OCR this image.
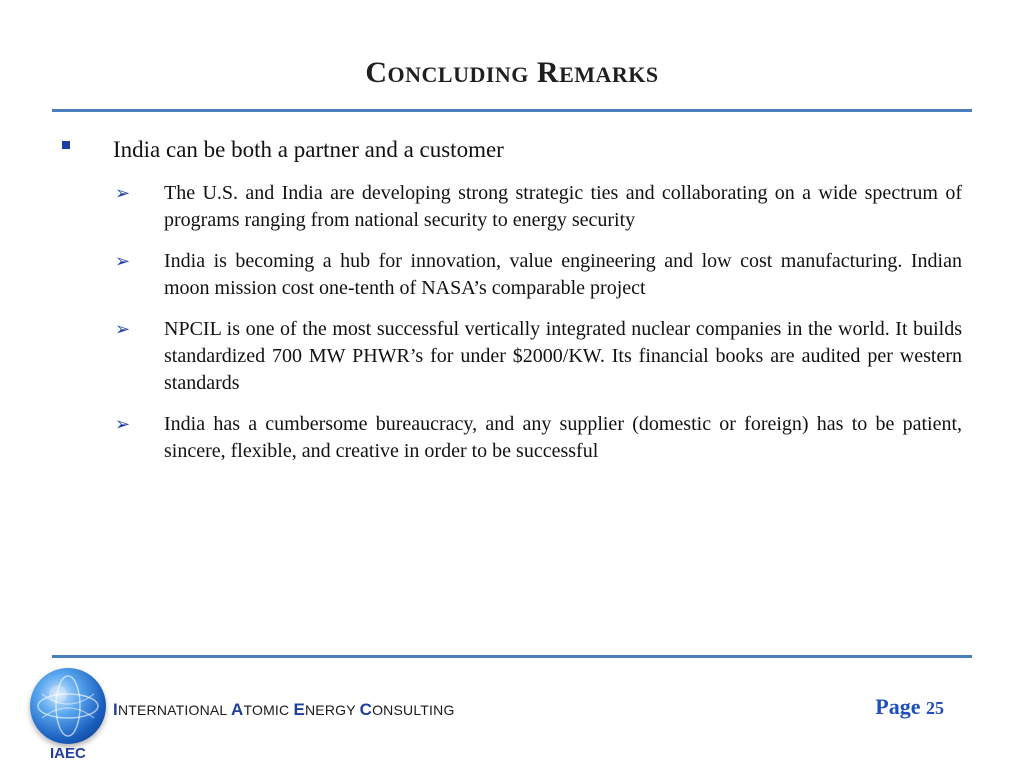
CONCLUDING REMARKS
India can be both a partner and a customer
➢ The U.S. and India are developing strong strategic ties and collaborating on a wide spectrum of programs ranging from national security to energy security
➢ India is becoming a hub for innovation, value engineering and low cost manufacturing. Indian moon mission cost one-tenth of NASA’s comparable project
➢ NPCIL is one of the most successful vertically integrated nuclear companies in the world. It builds standardized 700 MW PHWR’s for under $2000/KW. Its financial books are audited per western standards
➢ India has a cumbersome bureaucracy, and any supplier (domestic or foreign) has to be patient, sincere, flexible, and creative in order to be successful
IAEC
INTERNATIONAL ATOMIC ENERGY CONSULTING	Page 25
